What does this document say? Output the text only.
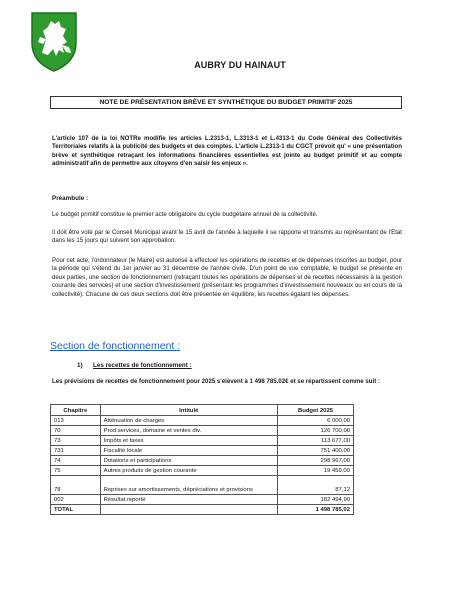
AUBRY DU HAINAUT
NOTE DE PRÉSENTATION BRÈVE ET SYNTHÉTIQUE DU BUDGET PRIMITIF 2025
L'article 107 de la loi NOTRe modifie les articles L.2313-1, L.3313-1 et L.4313-1 du Code Général des Collectivités Territoriales relatifs à la publicité des budgets et des comptes. L'article L.2313-1 du CGCT prévoit qu' « une présentation brève et synthétique retraçant les informations financières essentielles est jointe au budget primitif et au compte administratif afin de permettre aux citoyens d'en saisir les enjeux ».
Préambule :
Le budget primitif constitue le premier acte obligatoire du cycle budgétaire annuel de la collectivité.
Il doit être voté par le Conseil Municipal avant le 15 avril de l'année à laquelle il se rapporte et transmis au représentant de l'Etat dans les 15 jours qui suivent son approbation.
Pour cet acte, l'ordonnateur (le Maire) est autorisé à effectuer les opérations de recettes et de dépenses inscrites au budget, pour la période qui s'étend du 1er janvier au 31 décembre de l'année civile. D'un point de vue comptable, le budget se présente en deux parties, une section de fonctionnement (retraçant toutes les opérations de dépenses et de recettes nécessaires à la gestion courante des services) et une section d'investissement (présentant les programmes d'investissement nouveaux ou en cours de la collectivité). Chacune de ces deux sections doit être présentée en équilibre, les recettes égalant les dépenses.
Section de fonctionnement :
1) Les recettes de fonctionnement :
Les prévisions de recettes de fonctionnement pour 2025 s'élèvent à 1 498 785.02€ et se répartissent comme suit :
Chapitre	Intitulé	Budget 2025
013	Atténuation de charges	6 000,00
70	Prod.services, domaine et ventes div.	126 700,00
73	Impôts et taxes	113 677,00
731	Fiscalité locale	751 400,00
74	Dotations et participations	298 967,00
75	Autres produits de gestion courante	19 459,00
78	Reprises sur amortissements, dépréciations et provisions	87,12
002	Résultat reporté	182 494,90
TOTAL		1 498 785,02
